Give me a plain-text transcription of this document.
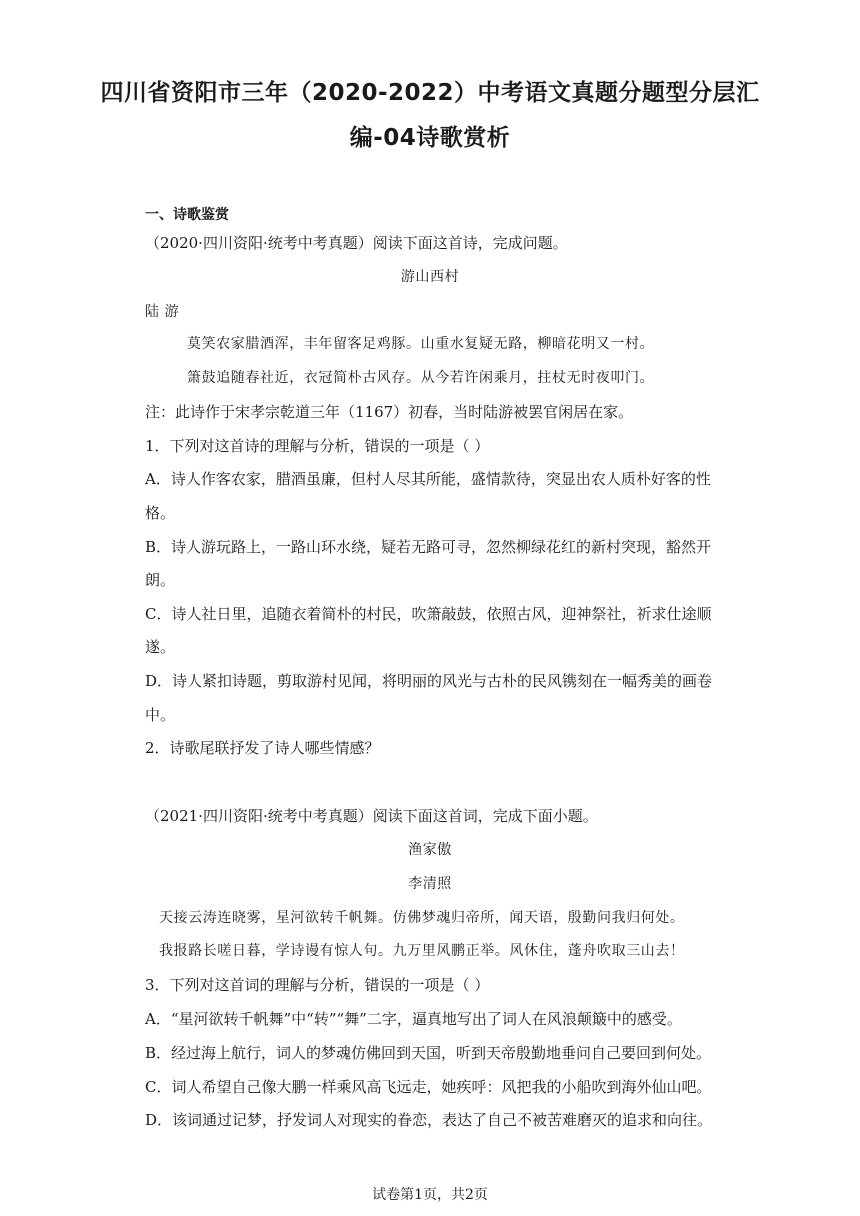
四川省资阳市三年（2020-2022）中考语文真题分题型分层汇
编-04诗歌赏析
一、诗歌鉴赏
（2020·四川资阳·统考中考真题）阅读下面这首诗，完成问题。
游山西村
陆 游
莫笑农家腊酒浑，丰年留客足鸡豚。山重水复疑无路，柳暗花明又一村。
箫鼓追随春社近，衣冠简朴古风存。从今若许闲乘月，拄杖无时夜叩门。
注：此诗作于宋孝宗乾道三年（1167）初春，当时陆游被罢官闲居在家。
1．下列对这首诗的理解与分析，错误的一项是（ ）
A．诗人作客农家，腊酒虽廉，但村人尽其所能，盛情款待，突显出农人质朴好客的性
格。
B．诗人游玩路上，一路山环水绕，疑若无路可寻，忽然柳绿花红的新村突现，豁然开
朗。
C．诗人社日里，追随衣着简朴的村民，吹箫敲鼓，依照古风，迎神祭社，祈求仕途顺
遂。
D．诗人紧扣诗题，剪取游村见闻，将明丽的风光与古朴的民风镌刻在一幅秀美的画卷
中。
2．诗歌尾联抒发了诗人哪些情感？
（2021·四川资阳·统考中考真题）阅读下面这首词，完成下面小题。
渔家傲
李清照
天接云涛连晓雾，星河欲转千帆舞。仿佛梦魂归帝所，闻天语，殷勤问我归何处。
我报路长嗟日暮，学诗谩有惊人句。九万里风鹏正举。风休住，蓬舟吹取三山去！
3．下列对这首词的理解与分析，错误的一项是（ ）
A．“星河欲转千帆舞”中“转”“舞”二字，逼真地写出了词人在风浪颠簸中的感受。
B．经过海上航行，词人的梦魂仿佛回到天国，听到天帝殷勤地垂问自己要回到何处。
C．词人希望自己像大鹏一样乘风高飞远走，她疾呼：风把我的小船吹到海外仙山吧。
D．该词通过记梦，抒发词人对现实的眷恋，表达了自己不被苦难磨灭的追求和向往。
试卷第1页，共2页
